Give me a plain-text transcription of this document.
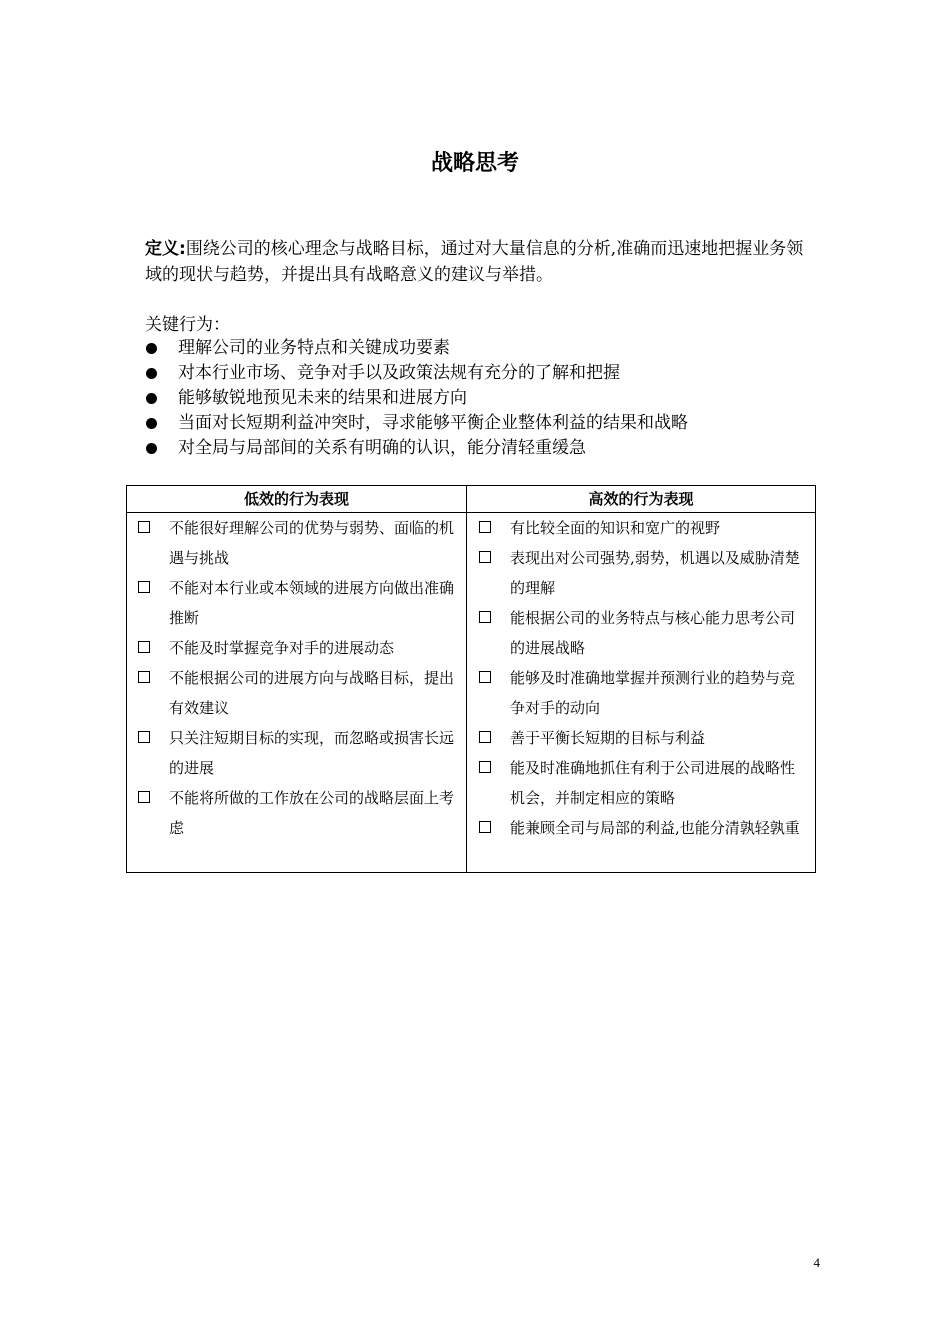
战略思考
定义:围绕公司的核心理念与战略目标，通过对大量信息的分析,准确而迅速地把握业务领域的现状与趋势，并提出具有战略意义的建议与举措。
关键行为：
理解公司的业务特点和关键成功要素
对本行业市场、竞争对手以及政策法规有充分的了解和把握
能够敏锐地预见未来的结果和进展方向
当面对长短期利益冲突时，寻求能够平衡企业整体利益的结果和战略
对全局与局部间的关系有明确的认识，能分清轻重缓急
低效的行为表现
不能很好理解公司的优势与弱势、面临的机遇与挑战
不能对本行业或本领域的进展方向做出准确推断
不能及时掌握竞争对手的进展动态
不能根据公司的进展方向与战略目标，提出有效建议
只关注短期目标的实现，而忽略或损害长远的进展
不能将所做的工作放在公司的战略层面上考虑
高效的行为表现
有比较全面的知识和宽广的视野
表现出对公司强势,弱势，机遇以及威胁清楚的理解
能根据公司的业务特点与核心能力思考公司的进展战略
能够及时准确地掌握并预测行业的趋势与竞争对手的动向
善于平衡长短期的目标与利益
能及时准确地抓住有利于公司进展的战略性机会，并制定相应的策略
能兼顾全司与局部的利益,也能分清孰轻孰重
4
